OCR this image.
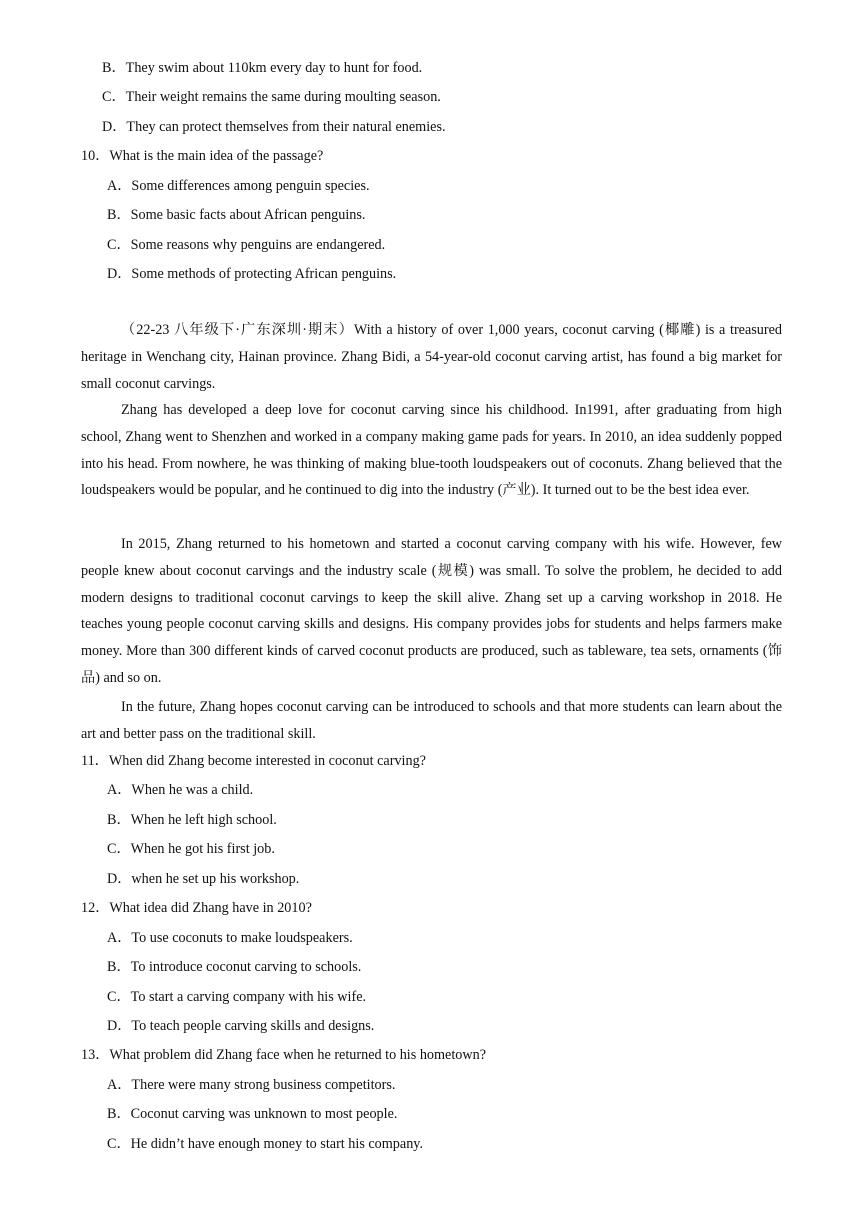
B．They swim about 110km every day to hunt for food.
C．Their weight remains the same during moulting season.
D．They can protect themselves from their natural enemies.
10．What is the main idea of the passage?
A．Some differences among penguin species.
B．Some basic facts about African penguins.
C．Some reasons why penguins are endangered.
D．Some methods of protecting African penguins.
（22-23 八年级下·广东深圳·期末）With a history of over 1,000 years, coconut carving (椰雕) is a treasured heritage in Wenchang city, Hainan province. Zhang Bidi, a 54-year-old coconut carving artist, has found a big market for small coconut carvings.
Zhang has developed a deep love for coconut carving since his childhood. In1991, after graduating from high school, Zhang went to Shenzhen and worked in a company making game pads for years. In 2010, an idea suddenly popped into his head. From nowhere, he was thinking of making blue-tooth loudspeakers out of coconuts. Zhang believed that the loudspeakers would be popular, and he continued to dig into the industry (产业). It turned out to be the best idea ever.
In 2015, Zhang returned to his hometown and started a coconut carving company with his wife. However, few people knew about coconut carvings and the industry scale (规模) was small. To solve the problem, he decided to add modern designs to traditional coconut carvings to keep the skill alive. Zhang set up a carving workshop in 2018. He teaches young people coconut carving skills and designs. His company provides jobs for students and helps farmers make money. More than 300 different kinds of carved coconut products are produced, such as tableware, tea sets, ornaments (饰品) and so on.
In the future, Zhang hopes coconut carving can be introduced to schools and that more students can learn about the art and better pass on the traditional skill.
11．When did Zhang become interested in coconut carving?
A．When he was a child.
B．When he left high school.
C．When he got his first job.
D．when he set up his workshop.
12．What idea did Zhang have in 2010?
A．To use coconuts to make loudspeakers.
B．To introduce coconut carving to schools.
C．To start a carving company with his wife.
D．To teach people carving skills and designs.
13．What problem did Zhang face when he returned to his hometown?
A．There were many strong business competitors.
B．Coconut carving was unknown to most people.
C．He didn’t have enough money to start his company.
